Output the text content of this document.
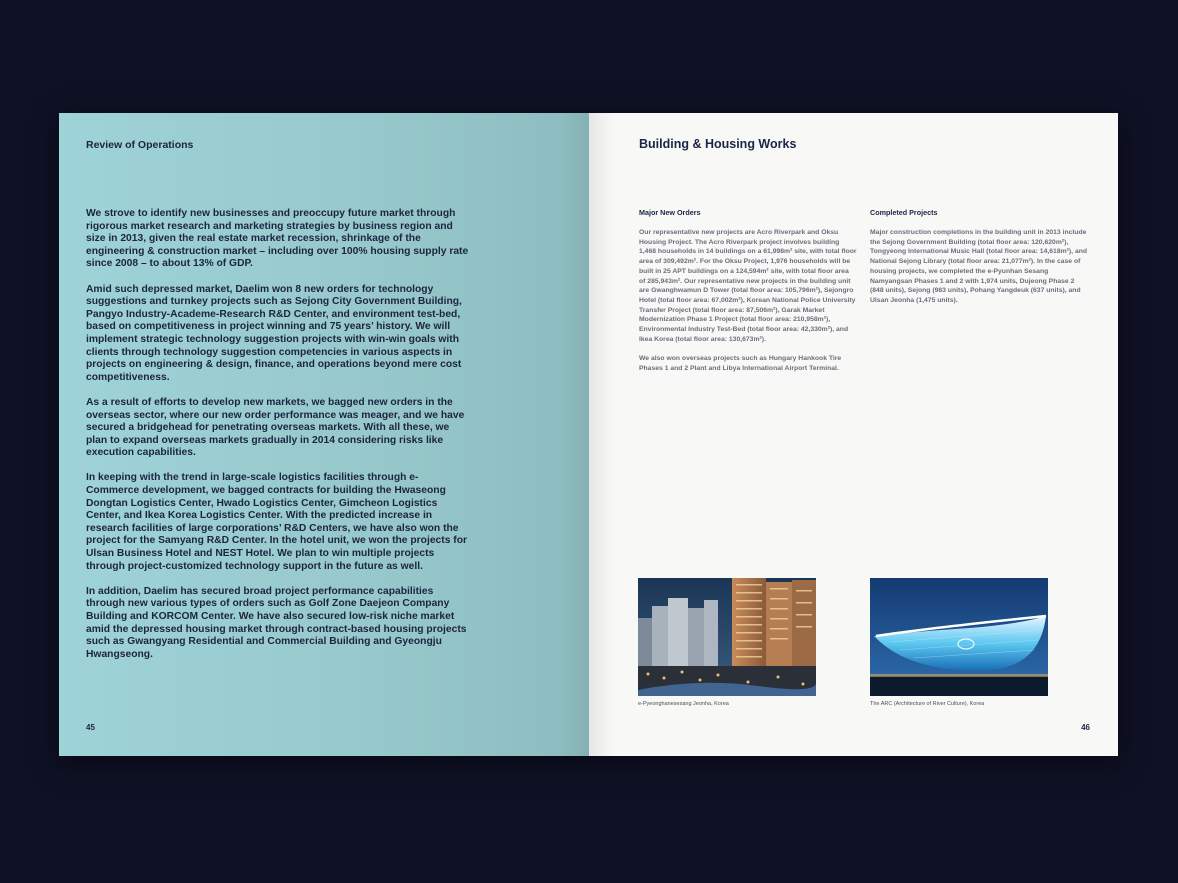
Review of Operations

We strove to identify new businesses and preoccupy future market through rigorous market research and marketing strategies by business region and size in 2013, given the real estate market recession, shrinkage of the engineering & construction market – including over 100% housing supply rate since 2008 – to about 13% of GDP.

Amid such depressed market, Daelim won 8 new orders for technology suggestions and turnkey projects such as Sejong City Government Building, Pangyo Industry-Academe-Research R&D Center, and environment test-bed, based on competitiveness in project winning and 75 years’ history. We will implement strategic technology suggestion projects with win-win goals with clients through technology suggestion competencies in various aspects in projects on engineering & design, finance, and operations beyond mere cost competitiveness.

As a result of efforts to develop new markets, we bagged new orders in the overseas sector, where our new order performance was meager, and we have secured a bridgehead for penetrating overseas markets. With all these, we plan to expand overseas markets gradually in 2014 considering risks like execution capabilities.

In keeping with the trend in large-scale logistics facilities through e-Commerce development, we bagged contracts for building the Hwaseong Dongtan Logistics Center, Hwado Logistics Center, Gimcheon Logistics Center, and Ikea Korea Logistics Center. With the predicted increase in research facilities of large corporations’ R&D Centers, we have also won the project for the Samyang R&D Center. In the hotel unit, we won the projects for Ulsan Business Hotel and NEST Hotel. We plan to win multiple projects through project-customized technology support in the future as well.

In addition, Daelim has secured broad project performance capabilities through new various types of orders such as Golf Zone Daejeon Company Building and KORCOM Center. We have also secured low-risk niche market amid the depressed housing market through contract-based housing projects such as Gwangyang Residential and Commercial Building and Gyeongju Hwangseong.

45
Building & Housing Works
Major New Orders

Our representative new projects are Acro Riverpark and Oksu Housing Project. The Acro Riverpark project involves building 1,468 households in 14 buildings on a 61,998m² site, with total floor area of 309,492m². For the Oksu Project, 1,976 households will be built in 25 APT buildings on a 124,594m² site, with total floor area of 285,943m². Our representative new projects in the building unit are Gwanghwamun D Tower (total floor area: 105,796m²), Sejongro Hotel (total floor area: 67,002m²), Korean National Police University Transfer Project (total floor area: 87,506m²), Garak Market Modernization Phase 1 Project (total floor area: 210,958m²), Environmental Industry Test-Bed (total floor area: 42,330m²), and Ikea Korea (total floor area: 130,673m²).

We also won overseas projects such as Hungary Hankook Tire Phases 1 and 2 Plant and Libya International Airport Terminal.

Completed Projects

Major construction completions in the building unit in 2013 include the Sejong Government Building (total floor area: 120,620m²), Tongyeong International Music Hall (total floor area: 14,618m²), and National Sejong Library (total floor area: 21,077m²). In the case of housing projects, we completed the e-Pyunhan Sesang Namyangsan Phases 1 and 2 with 1,974 units, Dujeong Phase 2 (848 units), Sejong (983 units), Pohang Yangdeuk (637 units), and Ulsan Jeonha (1,475 units).

e-Pyeonghanesesang Jeonha, Korea	The ARC (Architecture of River Culture), Korea
46
